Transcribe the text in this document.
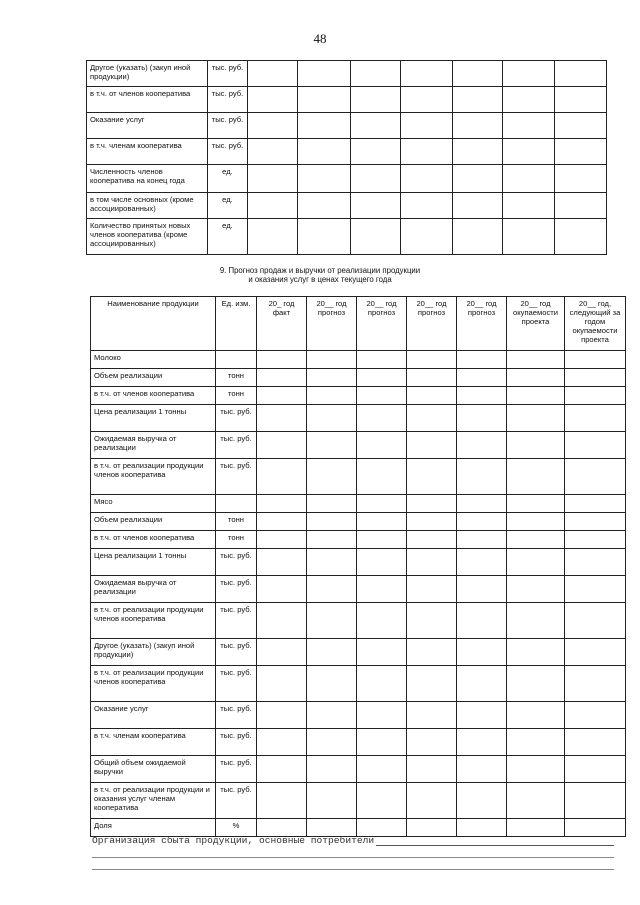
48
Другое (указать) (закуп иной продукции)	тыс. руб.							
в т.ч. от членов кооператива	тыс. руб.							
Оказание услуг	тыс. руб.							
в т.ч. членам кооператива	тыс. руб.							
Численность членов кооператива на конец года	ед.							
в том числе основных (кроме ассоциированных)	ед.							
Количество принятых новых членов кооператива (кроме ассоциированных)	ед.							
9. Прогноз продаж и выручки от реализации продукции
и оказания услуг в ценах текущего года
Наименование продукции	Ед. изм.	20_ год факт	20__ год прогноз	20__ год прогноз	20__ год прогноз	20__ год прогноз	20__ год окупаемости проекта	20__ год, следующий за годом окупаемости проекта
Молоко								
Объем реализации	тонн							
в т.ч. от членов кооператива	тонн							
Цена реализации 1 тонны	тыс. руб.							
Ожидаемая выручка от реализации	тыс. руб.							
в т.ч. от реализации продукции членов кооператива	тыс. руб.							
Мясо								
Объем реализации	тонн							
в т.ч. от членов кооператива	тонн							
Цена реализации 1 тонны	тыс. руб.							
Ожидаемая выручка от реализации	тыс. руб.							
в т.ч. от реализации продукции членов кооператива	тыс. руб.							
Другое (указать) (закуп иной продукции)	тыс. руб.							
в т.ч. от реализации продукции членов кооператива	тыс. руб.							
Оказание услуг	тыс. руб.							
в т.ч. членам кооператива	тыс. руб.							
Общий объем ожидаемой выручки	тыс. руб.							
в т.ч. от реализации продукции и оказания услуг членам кооператива	тыс. руб.							
Доля	%							
Организация сбыта продукции, основные потребители
